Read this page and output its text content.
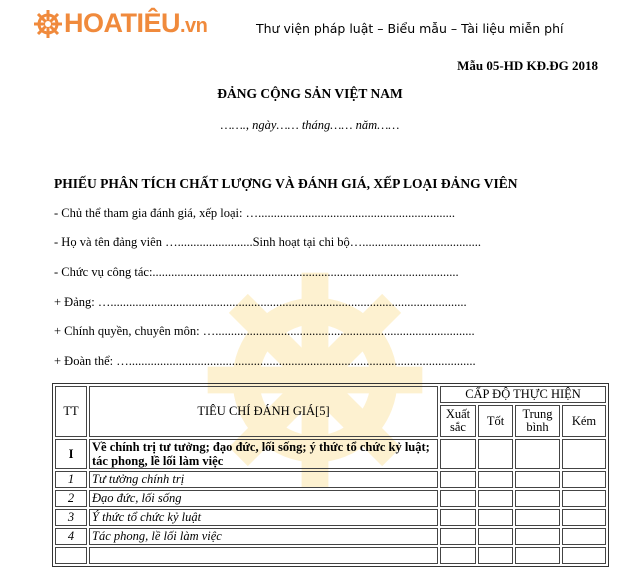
HOATIÊU .vn	Thư viện pháp luật – Biểu mẫu – Tài liệu miễn phí
Mẫu 05-HD KĐ.ĐG 2018
ĐẢNG CỘNG SẢN VIỆT NAM
……., ngày…… tháng…… năm……
PHIẾU PHÂN TÍCH CHẤT LƯỢNG VÀ ĐÁNH GIÁ, XẾP LOẠI ĐẢNG VIÊN
- Chủ thể tham gia đánh giá, xếp loại: …...............................................................
- Họ và tên đảng viên …........................Sinh hoạt tại chi bộ…......................................
- Chức vụ công tác:..................................................................................................
+ Đảng: …..................................................................................................................
+ Chính quyền, chuyên môn: …...................................................................................
+ Đoàn thể: …...............................................................................................................
TT	TIÊU CHÍ ĐÁNH GIÁ[5]	CẤP ĐỘ THỰC HIỆN			
		Xuất sắc	Tốt	Trung bình	Kém
I	Về chính trị tư tưởng; đạo đức, lối sống; ý thức tổ chức kỷ luật; tác phong, lề lối làm việc				
1	Tư tưởng chính trị				
2	Đạo đức, lối sống				
3	Ý thức tổ chức kỷ luật				
4	Tác phong, lề lối làm việc				
